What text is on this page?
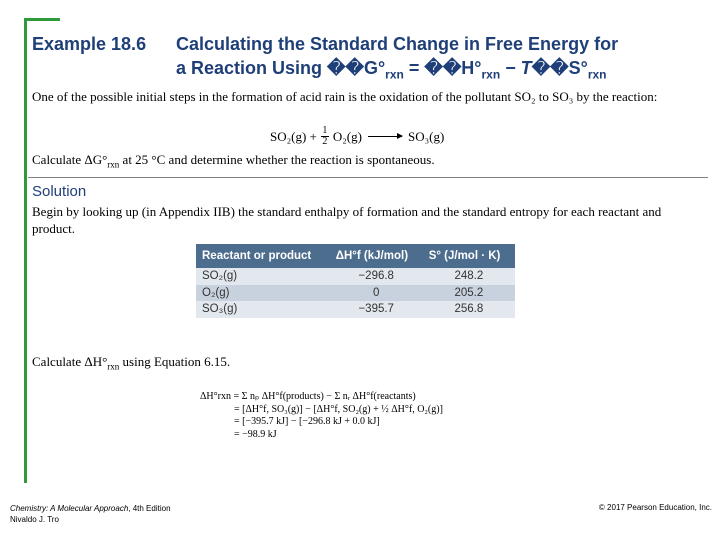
Example 18.6 Calculating the Standard Change in Free Energy for
a Reaction Using $��G^\circ_{rxn}$ = $��H^\circ_{rxn}$ − $T��S^\circ_{rxn}$
One of the possible initial steps in the formation of acid rain is the oxidation of the pollutant SO₂ to SO₃ by the reaction:
$SO_2(g) + \frac{1}{2} O_2(g) \to SO_3(g)$
Calculate $\Delta G^\circ_{rxn}$ at 25 °C and determine whether the reaction is spontaneous.
Solution
Begin by looking up (in Appendix IIB) the standard enthalpy of formation and the standard entropy for each reactant and product.
Reactant or product	ΔH°f (kJ/mol)	S° (J/mol · K)
SO₂(g)	−296.8	248.2
O₂(g)	0	205.2
SO₃(g)	−395.7	256.8
Calculate $\Delta H^\circ_{rxn}$ using Equation 6.15.
ΔH°rxn = Σ nₚ ΔH°f(products) − Σ nᵣ ΔH°f(reactants)
= [ΔH°f, SO₃(g)] − [ΔH°f, SO₂(g) + ½ ΔH°f, O₂(g)]
= [−395.7 kJ] − [−296.8 kJ + 0.0 kJ]
= −98.9 kJ
Chemistry: A Molecular Approach, 4th Edition
Nivaldo J. Tro
© 2017 Pearson Education, Inc.
